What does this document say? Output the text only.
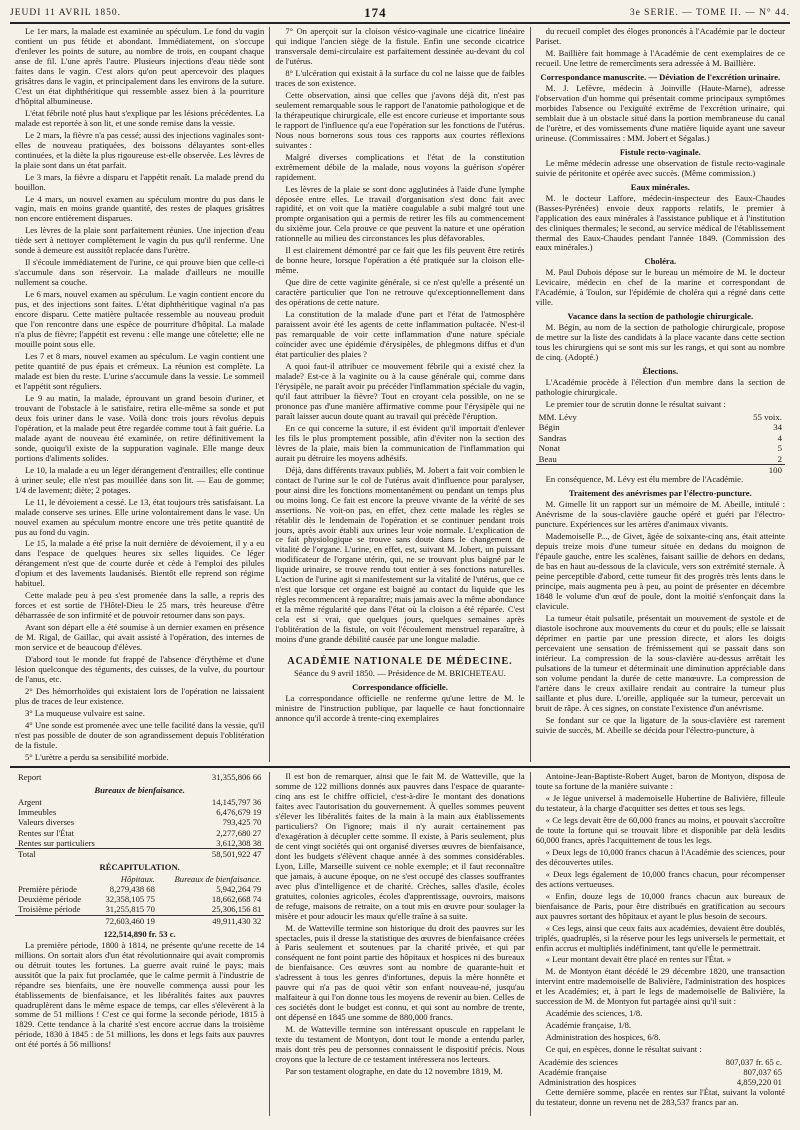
JEUDI 11 AVRIL 1850.	174	3e SERIE. — TOME II. — N° 44.

Le 1er mars, la malade est examinée au spéculum. Le fond du vagin contient un pus fétide et abondant. Immédiatement, on s'occupe d'enlever les points de suture, au nombre de trois, en coupant chaque anse de fil. L'une après l'autre. Plusieurs injections d'eau tiède sont faites dans le vagin. C'est alors qu'on peut apercevoir des plaques grisâtres dans le vagin, et principalement dans les environs de la suture. C'est un état diphthéritique qui ressemble assez bien à la pourriture d'hôpital albumineuse.

L'état fébrile noté plus haut s'explique par les lésions précédentes. La malade est reportée à son lit, et une sonde remise dans la vessie.

Le 2 mars, la fièvre n'a pas cessé; aussi des injections vaginales sont-elles de nouveau pratiquées, des boissons délayantes sont-elles continuées, et la diète la plus rigoureuse est-elle observée. Les lèvres de la plaie sont dans un état parfait.

Le 3 mars, la fièvre a disparu et l'appétit renaît. La malade prend du bouillon.

Le 4 mars, un nouvel examen au spéculum montre du pus dans le vagin, mais en moins grande quantité, des restes de plaques grisâtres non encore entièrement disparues.

Les lèvres de la plaie sont parfaitement réunies. Une injection d'eau tiède sert à nettoyer complètement le vagin du pus qu'il renferme. Une sonde à demeure est aussitôt replacée dans l'urètre.

Il s'écoule immédiatement de l'urine, ce qui prouve bien que celle-ci s'accumule dans son réservoir. La malade d'ailleurs ne mouille nullement sa couche.

Le 6 mars, nouvel examen au spéculum. Le vagin contient encore du pus, et des injections sont faites. L'état diphthéritique vaginal n'a pas encore disparu. Cette matière pultacée ressemble au nouveau produit que l'on rencontre dans une espèce de pourriture d'hôpital. La malade n'a plus de fièvre; l'appétit est revenu : elle mange une côtelette; elle ne mouille point sous elle.

Les 7 et 8 mars, nouvel examen au spéculum. Le vagin contient une petite quantité de pus épais et crémeux. La réunion est complète. La malade est bien du reste. L'urine s'accumule dans la vessie. Le sommeil et l'appétit sont réguliers.

Le 9 au matin, la malade, éprouvant un grand besoin d'uriner, et trouvant de l'obstacle à le satisfaire, retira elle-même sa sonde et put deux fois uriner dans le vase. Voilà donc trois jours révolus depuis l'opération, et la malade peut être regardée comme tout à fait guérie. La malade ayant de nouveau été examinée, on retire définitivement la sonde, quoiqu'il existe de la suppuration vaginale. Elle mange deux portions d'aliments solides.

Le 10, la malade a eu un léger dérangement d'entrailles; elle continue à uriner seule; elle n'est pas mouillée dans son lit. — Eau de gomme; 1/4 de lavement; diète; 2 potages.

Le 11, le dévoiement a cessé. Le 13, état toujours très satisfaisant. La malade conserve ses urines. Elle urine volontairement dans le vase. Un nouvel examen au spéculum montre encore une très petite quantité de pus au fond du vagin.

Le 15, la malade a été prise la nuit dernière de dévoiement, il y a eu dans l'espace de quelques heures six selles liquides. Ce léger dérangement n'est que de courte durée et cède à l'emploi des pilules d'opium et des lavements laudanisés. Bientôt elle reprend son régime habituel.

Cette malade peu à peu s'est promenée dans la salle, a repris des forces et est sortie de l'Hôtel-Dieu le 25 mars, très heureuse d'être débarrassée de son infirmité et de pouvoir retourner dans son pays.

Avant son départ elle a été soumise à un dernier examen en présence de M. Rigal, de Gaillac, qui avait assisté à l'opération, des internes de mon service et de beaucoup d'élèves.

D'abord tout le monde fut frappé de l'absence d'érythème et d'une lésion quelconque des téguments, des cuisses, de la vulve, du pourtour de l'anus, etc.

2° Des hémorrhoïdes qui existaient lors de l'opération ne laissaient plus de traces de leur existence.

3° La muqueuse vulvaire est saine.

4° Une sonde est promenée avec une telle facilité dans la vessie, qu'il n'est pas possible de douter de son agrandissement depuis l'oblitération de la fistule.

5° L'urètre a perdu sa sensibilité morbide.

7° On aperçoit sur la cloison vésico-vaginale une cicatrice linéaire qui indique l'ancien siège de la fistule. Enfin une seconde cicatrice transversale demi-circulaire est parfaitement dessinée au-devant du col de l'utérus.

8° L'ulcération qui existait à la surface du col ne laisse que de faibles traces de son existence.

Cette observation, ainsi que celles que j'avons déjà dit, n'est pas seulement remarquable sous le rapport de l'anatomie pathologique et de la thérapeutique chirurgicale, elle est encore curieuse et importante sous le rapport de l'influence qu'a eue l'opération sur les fonctions de l'utérus. Nous nous bornerons sous tous ces rapports aux courtes réflexions suivantes :

Malgré diverses complications et l'état de la constitution extrêmement débile de la malade, nous voyons la guérison s'opérer rapidement.

Les lèvres de la plaie se sont donc agglutinées à l'aide d'une lymphe déposée entre elles. Le travail d'organisation s'est donc fait avec rapidité, et on voit que la matière coagulable a subi malgré tout une prompte organisation qui a permis de retirer les fils au commencement du sixième jour. Cela prouve ce que peuvent la nature et une opération rationnelle au milieu des circonstances les plus défavorables.

Il est clairement démontré par ce fait que les fils peuvent être retirés de bonne heure, lorsque l'opération a été pratiquée sur la cloison elle-même.

Que dire de cette vaginite générale, si ce n'est qu'elle a présenté un caractère particulier que l'on ne retrouve qu'exceptionnellement dans des opérations de cette nature.

La constitution de la malade d'une part et l'état de l'atmosphère paraissent avoir été les agents de cette inflammation pultacée. N'est-il pas remarquable de voir cette inflammation d'une nature spéciale coïncider avec une épidémie d'érysipèles, de phlegmons diffus et d'un état particulier des plaies ?

A quoi faut-il attribuer ce mouvement fébrile qui a existé chez la malade? Est-ce à la vaginite ou à la cause générale qui, comme dans l'érysipèle, ne paraît avoir pu précéder l'inflammation spéciale du vagin, qu'il faut attribuer la fièvre? Tout en croyant cela possible, on ne se prononce pas d'une manière affirmative comme pour l'érysipèle qui ne paraît laisser aucun doute quant au travail qui précède l'éruption.

En ce qui concerne la suture, il est évident qu'il importait d'enlever les fils le plus promptement possible, afin d'éviter non la section des lèvres de la plaie, mais bien la communication de l'inflammation qui aurait pu détruire les moyens adhésifs.

Déjà, dans différents travaux publiés, M. Jobert a fait voir combien le contact de l'urine sur le col de l'utérus avait d'influence pour paralyser, pour ainsi dire les fonctions momentanément ou pendant un temps plus ou moins long. Ce fait est encore la preuve vivante de la vérité de ses assertions. Ne voit-on pas, en effet, chez cette malade les règles se rétablir dès le lendemain de l'opération et se continuer pendant trois jours, après avoir établi aux urines leur voie normale. L'explication de ce fait physiologique se trouve sans doute dans le changement de vitalité de l'organe. L'urine, en effet, est, suivant M. Jobert, un puissant modificateur de l'organe utérin, qui, ne se trouvant plus baigné par le liquide urinaire, se trouve rendu tout entier à ses fonctions naturelles. L'action de l'urine agit si manifestement sur la vitalité de l'utérus, que ce n'est que lorsque cet organe est baigné au contact du liquide que les règles recommencent à reparaître; mais jamais avec la même abondance et la même régularité que dans l'état où la cloison a été réparée. C'est cela est si vrai, que quelques jours, quelques semaines après l'oblitération de la fistule, on voit l'écoulement menstruel reparaître, à moins d'une grande débilité causée par une longue maladie.

ACADÉMIE NATIONALE DE MÉDECINE.

Séance du 9 avril 1850. — Présidence de M. BRICHETEAU.

Correspondance officielle.

La correspondance officielle ne renferme qu'une lettre de M. le ministre de l'instruction publique, par laquelle ce haut fonctionnaire annonce qu'il accorde à trente-cinq exemplaires

du recueil complet des éloges prononcés à l'Académie par le docteur Pariset.

M. Baillière fait hommage à l'Académie de cent exemplaires de ce recueil. Une lettre de remercîments sera adressée à M. Baillière.

Correspondance manuscrite. — Déviation de l'excrétion urinaire.

M. J. Lefèvre, médecin à Joinville (Haute-Marne), adresse l'observation d'un homme qui présentait comme principaux symptômes morbides l'absence ou l'exiguïté extrême de l'excrétion urinaire, qui semblait due à un obstacle situé dans la portion membraneuse du canal de l'urètre, et des vomissements d'une matière liquide ayant une saveur urineuse. (Commissaires : MM. Jobert et Ségalas.)

Fistule recto-vaginale.

Le même médecin adresse une observation de fistule recto-vaginale suivie de péritonite et opérée avec succès. (Même commission.)

Eaux minérales.

M. le docteur Laffore, médecin-inspecteur des Eaux-Chaudes (Basses-Pyrénées) envoie deux rapports relatifs, le premier à l'application des eaux minérales à l'assistance publique et à l'institution des cliniques thermales; le second, au service médical de l'établissement thermal des Eaux-Chaudes pendant l'année 1849. (Commission des eaux minérales.)

Choléra.

M. Paul Dubois dépose sur le bureau un mémoire de M. le docteur Levicaire, médecin en chef de la marine et correspondant de l'Académie, à Toulon, sur l'épidémie de choléra qui a régné dans cette ville.

Vacance dans la section de pathologie chirurgicale.

M. Bégin, au nom de la section de pathologie chirurgicale, propose de mettre sur la liste des candidats à la place vacante dans cette section tous les chirurgiens qui se sont mis sur les rangs, et qui sont au nombre de cinq. (Adopté.)

Élections.

L'Académie procède à l'élection d'un membre dans la section de pathologie chirurgicale.

Le premier tour de scrutin donne le résultat suivant :

MM. Lévy	55 voix.
Bégin	34
Sandras	4
Nonat	5
Beau	2
	100

En conséquence, M. Lévy est élu membre de l'Académie.

Traitement des anévrismes par l'électro-puncture.

M. Gimelle lit un rapport sur un mémoire de M. Abeille, intitulé : Anévrisme de la sous-clavière gauche opéré et guéri par l'électro-puncture. Expériences sur les artères d'animaux vivants.

Mademoiselle P..., de Givet, âgée de soixante-cinq ans, était atteinte depuis treize mois d'une tumeur située en dedans du moignon de l'épaule gauche, entre les scalènes, faisant saillie de dehors en dedans, de bas en haut au-dessous de la clavicule, vers son extrémité sternale. À peine perceptible d'abord, cette tumeur fit des progrès très lents dans le principe, mais augmenta peu à peu, au point de présenter en décembre 1848 le volume d'un œuf de poule, dont la moitié s'enfonçait dans la clavicule.

La tumeur était pulsatile, présentait un mouvement de systole et de diastole isochrone aux mouvements du cœur et du pouls; elle se laissait déprimer en partie par une pression directe, et alors les doigts percevaient une sensation de frémissement qui se passait dans son intérieur. La compression de la sous-clavière au-dessus arrêtait les pulsations de la tumeur et déterminait une diminution appréciable dans son volume pendant la durée de cette manœuvre. La compression de l'artère dans le creux axillaire rendait au contraire la tumeur plus saillante et plus dure. L'oreille, appliquée sur la tumeur, percevait un bruit de râpe. À ces signes, on constate l'existence d'un anévrisme.

Se fondant sur ce que la ligature de la sous-clavière est rarement suivie de succès, M. Abeille se décida pour l'électro-puncture, à

Report	31,355,806 66
Bureaux de bienfaisance.
Argent	14,145,797 36
Immeubles	6,476,679 19
Valeurs diverses	793,425 70
Rentes sur l'État	2,277,680 27
Rentes sur particuliers	3,612,308 38
Total	58,501,922 47
RÉCAPITULATION.
	Hôpitaux.	Bureaux de bienfaisance.
Première période	8,279,438 68	5,942,264 79
Deuxième période	32,358,105 75	18,662,668 74
Troisième période	31,255,815 70	25,306,156 81
	72,603,460 19	49,911,430 32
122,514,890 fr. 53 c.

La première période, 1800 à 1814, ne présente qu'une recette de 14 millions. On sortait alors d'un état révolutionnaire qui avait compromis ou détruit toutes les fortunes. La guerre avait ruiné le pays; mais aussitôt que la paix fut proclamée, que le calme permit à l'industrie de répandre ses bienfaits, une ère nouvelle commença aussi pour les établissements de bienfaisance, et les libéralités faites aux pauvres quadruplèrent dans le même espace de temps, car elles s'élevèrent à la somme de 51 millions ! C'est ce qui forme la seconde période, 1815 à 1829. Cette tendance à la charité s'est encore accrue dans la troisième période, 1830 à 1845 : de 51 millions, les dons et legs faits aux pauvres ont été portés à 56 millions!

Il est bon de remarquer, ainsi que le fait M. de Watteville, que la somme de 122 millions donnés aux pauvres dans l'espace de quarante-cinq ans est le chiffre officiel, c'est-à-dire le montant des donations faites avec l'autorisation du gouvernement. À quelles sommes peuvent s'élever les libéralités faites de la main à la main aux établissements particuliers? On l'ignore; mais il n'y aurait certainement pas d'exagération à décupler cette somme. Il existe, à Paris seulement, plus de cent vingt sociétés qui ont organisé diverses œuvres de bienfaisance, dont les budgets s'élèvent chaque année à des sommes considérables. Lyon, Lille, Marseille suivent ce noble exemple; et il faut reconnaître que jamais, à aucune époque, on ne s'est occupé des classes souffrantes avec plus d'intelligence et de charité. Crèches, salles d'asile, écoles gratuites, colonies agricoles, écoles d'apprentissage, ouvroirs, maisons de refuge, maisons de retraite, on a tout mis en œuvre pour soulager la misère et pour adoucir les maux qu'elle traîne à sa suite.

M. de Watteville termine son historique du droit des pauvres sur les spectacles, puis il dresse la statistique des œuvres de bienfaisance créées à Paris seulement et soutenues par la charité privée, et qui par conséquent ne font point partie des hôpitaux et hospices ni des bureaux de bienfaisance. Ces œuvres sont au nombre de quarante-huit et s'adressent à tous les genres d'infortunes, depuis la mère honnête et pauvre qui n'a pas de quoi vêtir son enfant nouveau-né, jusqu'au malfaiteur à qui l'on donne tous les moyens de revenir au bien. Celles de ces sociétés dont le budget est connu, et qui sont au nombre de trente, ont dépensé en 1845 une somme de 880,000 francs.

M. de Watteville termine son intéressant opuscule en rappelant le texte du testament de Montyon, dont tout le monde a entendu parler, mais dont très peu de personnes connaissent le dispositif précis. Nous croyons que la lecture de ce testament intéressera nos lecteurs.

Par son testament olographe, en date du 12 novembre 1819, M.

Antoine-Jean-Baptiste-Robert Auget, baron de Montyon, disposa de toute sa fortune de la manière suivante :

« Je lègue universel à mademoiselle Hubertine de Balivière, filleule du testateur, à la charge d'acquitter ses dettes et tous ses legs.

« Ce legs devait être de 60,000 francs au moins, et pouvait s'accroître de toute la fortune qui se trouvait libre et disponible par delà lesdits 60,000 francs, après l'acquittement de tous les legs.

« Deux legs de 10,000 francs chacun à l'Académie des sciences, pour des découvertes utiles.

« Deux legs également de 10,000 francs chacun, pour récompenser des actions vertueuses.

« Enfin, douze legs de 10,000 francs chacun aux bureaux de bienfaisance de Paris, pour être distribués en gratification au secours aux pauvres sortant des hôpitaux et ayant le plus besoin de secours.

« Ces legs, ainsi que ceux faits aux académies, devaient être doublés, triplés, quadruplés, si la réserve pour les legs universels le permettait, et enfin accrus et multipliés indéfiniment, tant qu'elle le permettrait.

« Leur montant devait être placé en rentes sur l'État. »

M. de Montyon étant décédé le 29 décembre 1820, une transaction intervint entre mademoiselle de Balivière, l'administration des hospices et les Académies; et, à part le legs de mademoiselle de Balivière, la succession de M. de Montyon fut partagée ainsi qu'il suit :

Académie des sciences, 1/8.

Académie française, 1/8.

Administration des hospices, 6/8.

Ce qui, en espèces, donne le résultat suivant :

Académie des sciences	807,037 fr. 65 c.
Académie française	807,037 65
Administration des hospices	4,859,220 01

Cette dernière somme, placée en rentes sur l'État, suivant la volonté du testateur, donne un revenu net de 283,537 francs par an.
